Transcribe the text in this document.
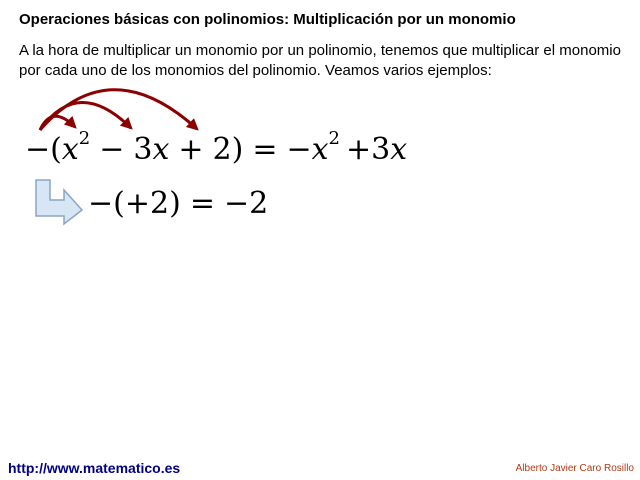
Operaciones básicas con polinomios: Multiplicación por un monomio

A la hora de multiplicar un monomio por un polinomio, tenemos que multiplicar el monomio por cada uno de los monomios del polinomio. Veamos varios ejemplos:

$-(x^2 - 3x + 2) = -x^2 +3x$
−(+2) = −2
http://www.matematico.es	Alberto Javier Caro Rosillo
